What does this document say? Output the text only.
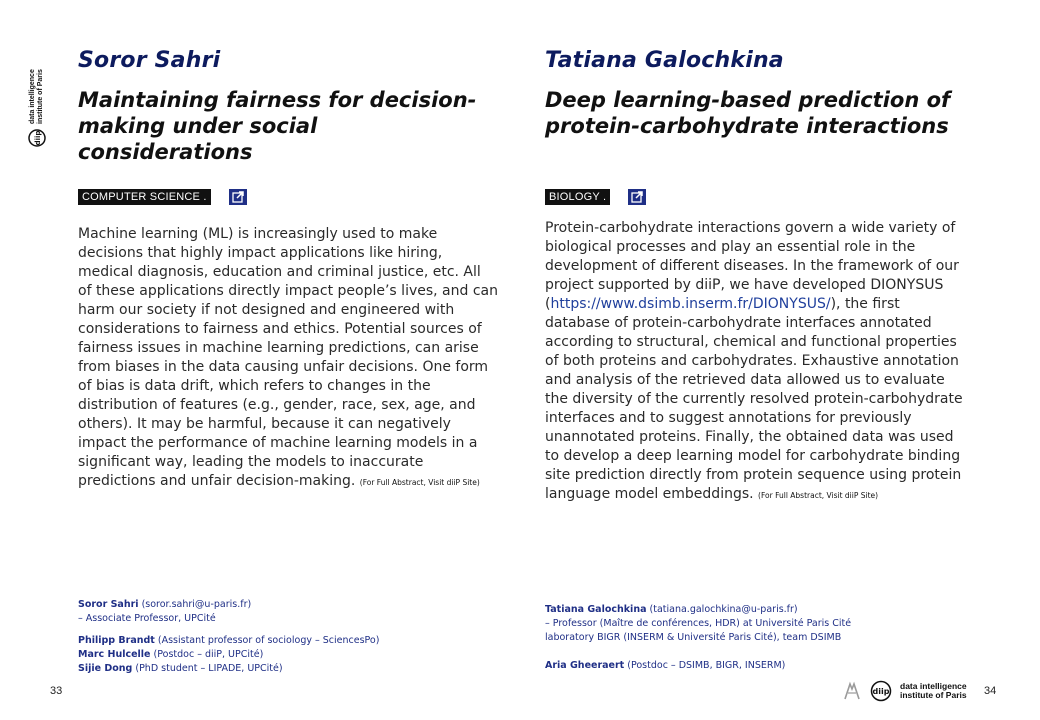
diip
data intelligence institute of Paris
Soror Sahri
Maintaining fairness for decision-making under social considerations
COMPUTER SCIENCE .

Machine learning (ML) is increasingly used to make decisions that highly impact applications like hiring, medical diagnosis, education and criminal justice, etc. All of these applications directly impact people’s lives, and can harm our society if not designed and engineered with considerations to fairness and ethics. Potential sources of fairness issues in machine learning predictions, can arise from biases in the data causing unfair decisions. One form of bias is data drift, which refers to changes in the distribution of features (e.g., gender, race, sex, age, and others). It may be harmful, because it can negatively impact the performance of machine learning models in a significant way, leading the models to inaccurate predictions and unfair decision-making. (For Full Abstract, Visit diiP Site)

Soror Sahri (soror.sahri@u-paris.fr)

– Associate Professor, UPCité

Philipp Brandt (Assistant professor of sociology – SciencesPo)

Marc Hulcelle (Postdoc – diiP, UPCité)

Sijie Dong (PhD student – LIPADE, UPCité)

33
Tatiana Galochkina
Deep learning-based prediction of protein-carbohydrate interactions
BIOLOGY .

Protein-carbohydrate interactions govern a wide variety of biological processes and play an essential role in the development of different diseases. In the framework of our project supported by diiP, we have developed DIONYSUS (https://www.dsimb.inserm.fr/DIONYSUS/), the first database of protein-carbohydrate interfaces annotated according to structural, chemical and functional properties of both proteins and carbohydrates. Exhaustive annotation and analysis of the retrieved data allowed us to evaluate the diversity of the currently resolved protein-carbohydrate interfaces and to suggest annotations for previously unannotated proteins. Finally, the obtained data was used to develop a deep learning model for carbohydrate binding site prediction directly from protein sequence using protein language model embeddings. (For Full Abstract, Visit diiP Site)

Tatiana Galochkina (tatiana.galochkina@u-paris.fr)

– Professor (Maître de conférences, HDR) at Université Paris Cité

laboratory BIGR (INSERM & Université Paris Cité), team DSIMB

Aria Gheeraert (Postdoc – DSIMB, BIGR, INSERM)

diip
data intelligence
institute of Paris 34
